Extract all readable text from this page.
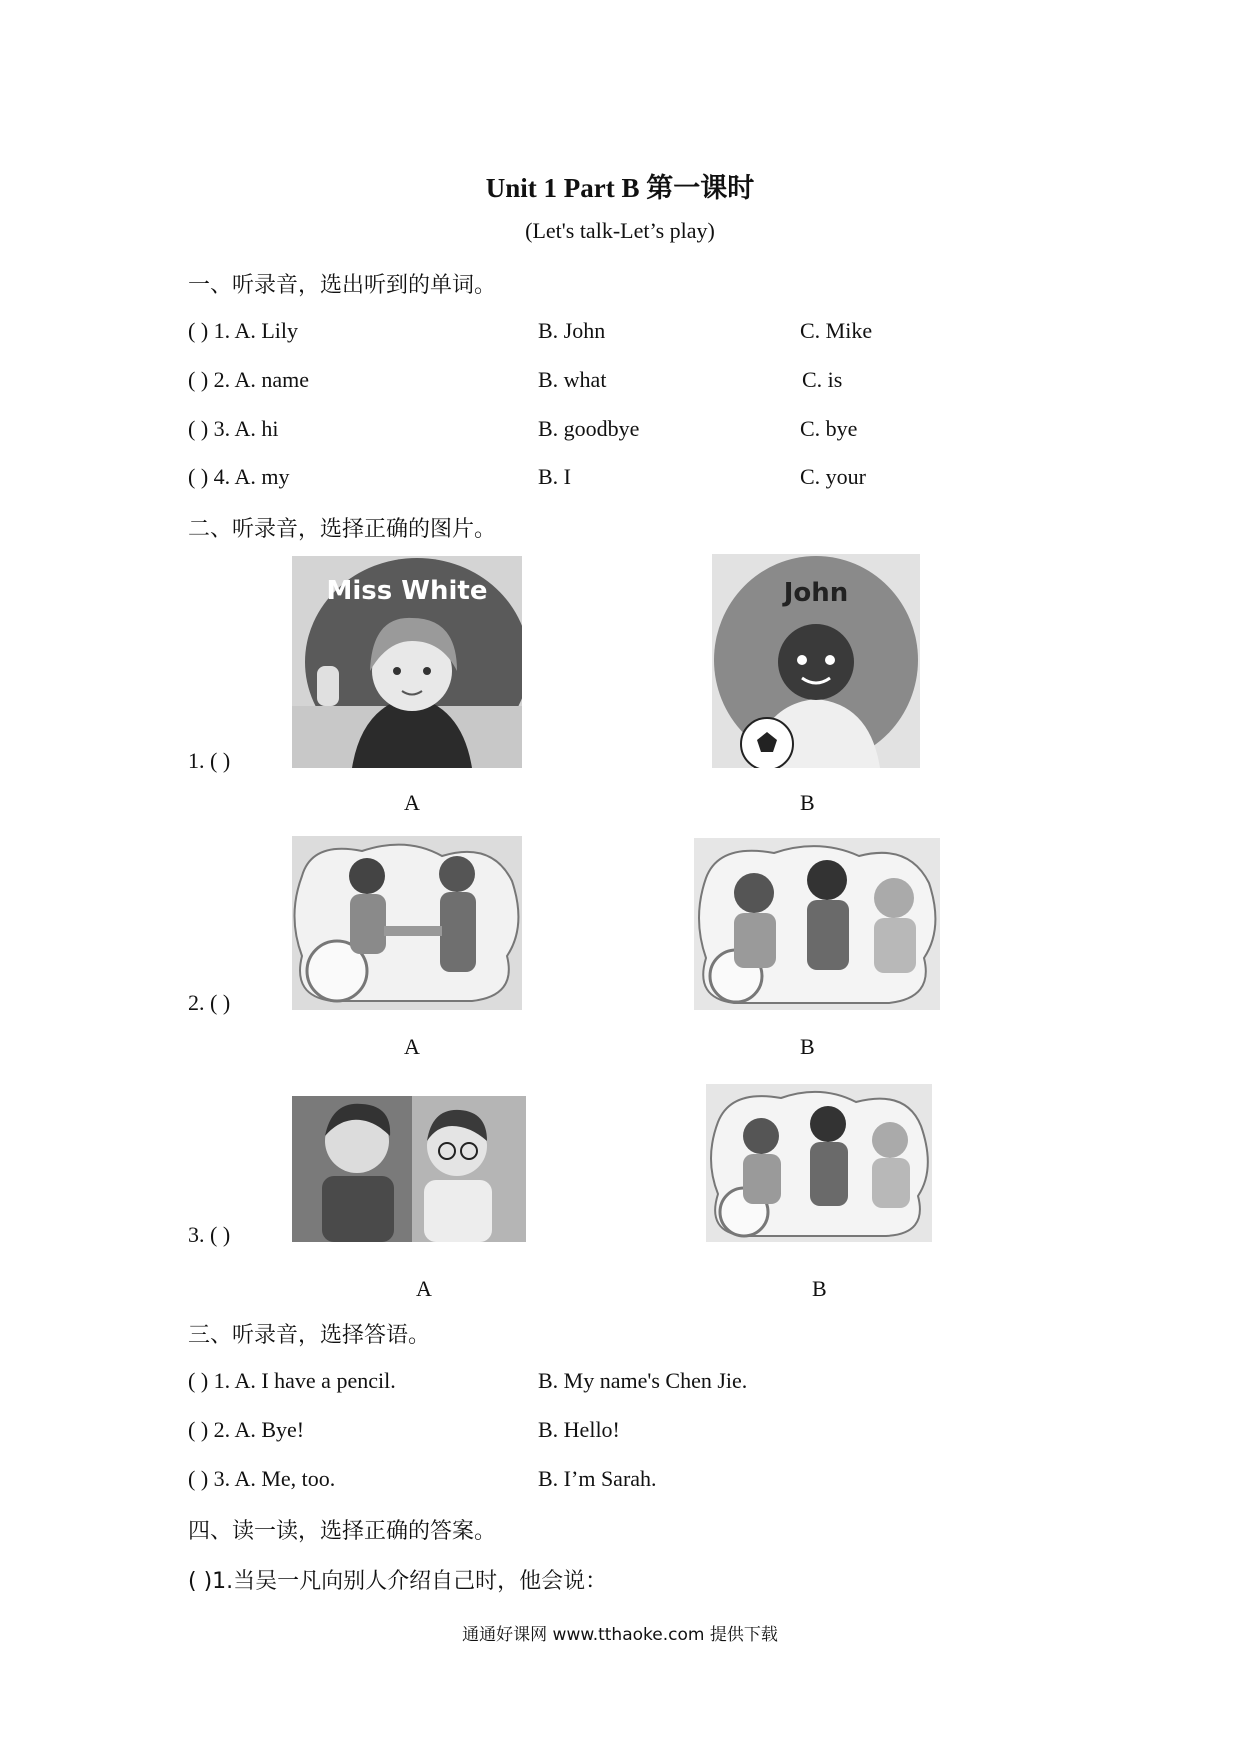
Unit 1 Part B 第一课时
(Let's talk-Let’s play)
一、听录音，选出听到的单词。
( ) 1. A. Lily	B. John	C. Mike
( ) 2. A. name	B. what	C. is
( ) 3. A. hi	B. goodbye	C. bye
( ) 4. A. my	B. I	C. your
二、听录音，选择正确的图片。
Miss White	John
1. ( )
A	B
2. ( )
A	B
3. ( )
A	B
三、听录音，选择答语。
( ) 1. A. I have a pencil.	B. My name's Chen Jie.
( ) 2. A. Bye!	B. Hello!
( ) 3. A. Me, too.	B. I’m Sarah.
四、读一读，选择正确的答案。
( )1.当吴一凡向别人介绍自己时，他会说：
通通好课网 www.tthaoke.com 提供下载
